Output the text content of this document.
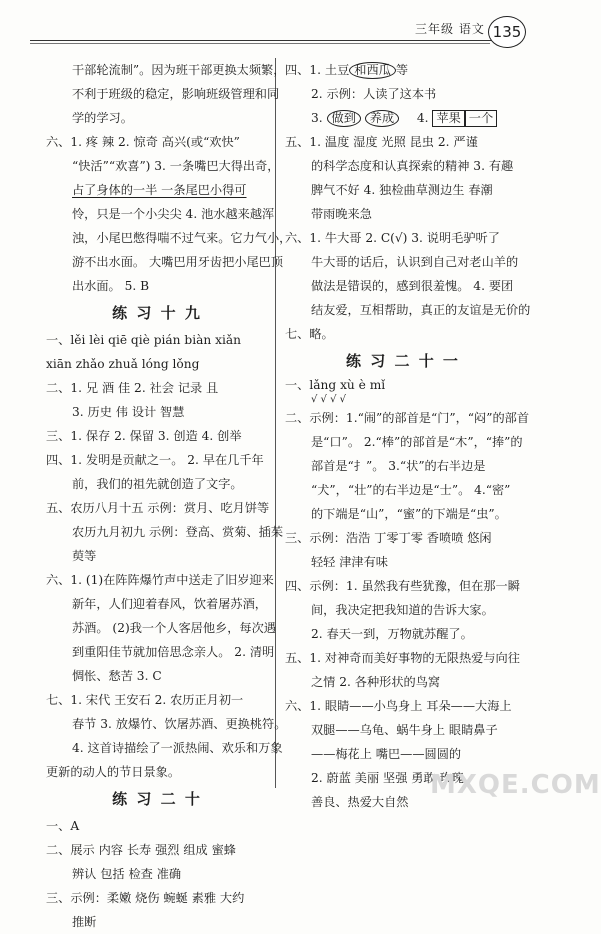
三年级 语文 135
干部轮流制”。因为班干部更换太频繁，
不利于班级的稳定，影响班级管理和同
学的学习。
六、1. 疼 辣 2. 惊奇 高兴(或“欢快”
“快活”“欢喜”) 3. 一条嘴巴大得出奇，
占了身体的一半 一条尾巴小得可
怜，只是一个小尖尖 4. 池水越来越浑
浊，小尾巴憋得喘不过气来。它力气小，
游不出水面。 大嘴巴用牙齿把小尾巴顶
出水面。 5. B
练 习 十 九
一、lěi lèi qiē qiè pián biàn xiǎn
xiān zhǎo zhuǎ lóng lǒng
二、1. 兄 酒 佳 2. 社会 记录 且
3. 历史 伟 设计 智慧
三、1. 保存 2. 保留 3. 创造 4. 创举
四、1. 发明是贡献之一。 2. 早在几千年
前，我们的祖先就创造了文字。
五、农历八月十五 示例：赏月、吃月饼等
农历九月初九 示例：登高、赏菊、插茱
萸等
六、1. (1)在阵阵爆竹声中送走了旧岁迎来
新年，人们迎着春风，饮着屠苏酒，
苏酒。 (2)我一个人客居他乡，每次遇
到重阳佳节就加倍思念亲人。 2. 清明
惆怅、愁苦 3. C
七、1. 宋代 王安石 2. 农历正月初一
春节 3. 放爆竹、饮屠苏酒、更换桃符。
4. 这首诗描绘了一派热闹、欢乐和万象
更新的动人的节日景象。
练 习 二 十
一、A
二、展示 内容 长寿 强烈 组成 蜜蜂
辨认 包括 检查 准确
三、示例：柔嫩 烧伤 蜿蜒 素雅 大约
推断
四、1. 土豆 和西瓜 等
2. 示例：人读了这本书
3. 做到 养成 4. 苹果 一个
五、1. 温度 湿度 光照 昆虫 2. 严谨
的科学态度和认真探索的精神 3. 有趣
脾气不好 4. 独检曲草测边生 春潮
带雨晚来急
六、1. 牛大哥 2. C(√) 3. 说明毛驴听了
牛大哥的话后，认识到自己对老山羊的
做法是错误的，感到很羞愧。 4. 要团
结友爱，互相帮助，真正的友谊是无价的
七、略。
练 习 二 十 一
一、lǎng xù è mǐ
√ √ √ √
二、示例：1.“闹”的部首是“门”，“闷”的部首
是“口”。 2.“棒”的部首是“木”，“捧”的
部首是“扌”。 3.“状”的右半边是
“犬”，“壮”的右半边是“士”。 4.“密”
的下端是“山”，“蜜”的下端是“虫”。
三、示例：浩浩 丁零丁零 香喷喷 悠闲
轻轻 津津有味
四、示例：1. 虽然我有些犹豫，但在那一瞬
间，我决定把我知道的告诉大家。
2. 春天一到，万物就苏醒了。
五、1. 对神奇而美好事物的无限热爱与向往
之情 2. 各种形状的鸟窝
六、1. 眼睛——小鸟身上 耳朵——大海上
双腿——乌龟、蜗牛身上 眼睛鼻子
——梅花上 嘴巴——圆圆的
2. 蔚蓝 美丽 坚强 勇敢 玫瑰
善良、热爱大自然
MXQE.COM
